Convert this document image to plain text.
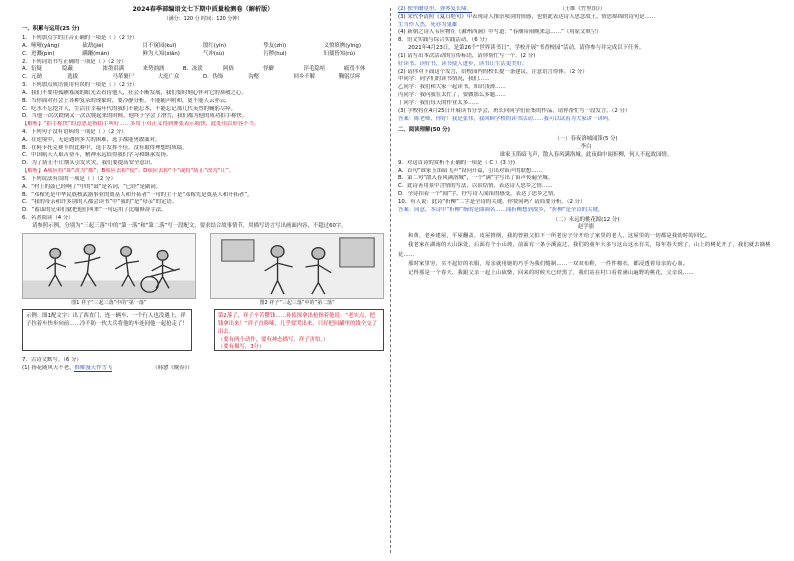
2024春季部编语文七下期中质量检测卷（解析版）
（满分：120 分 时间：120 分钟）
一、积累与运用(25 分)
1．下列加点字的注音正确的一项是（ ）（2 分）
A．哑哑(yǎng)	砍劫(jié)	目不窥园(kuī)	殷红(yīn)	挚友(zhì)	义愤填膺(yīng)
C．迸溅(pìn)	蹒跚(mán)	鲜为人知(xiǎn)	气冲(sù)	污秽(huì)	妇孺皆知(rú)
2．下列词语书写正确的一项是（ ）（2 分）
A．衍疑	隐蔽	浓墨泪满	来势汹汹	B．冻淡	阿俗	怪僻	淬毛隐喧	痛骂不休
C．元勋	选拔	马革裹尸	大庭广众	D．伪饰	沟壑	回乡不解	鞠躬尽瘁
3．下列加点成语使用有误的一项是（ ）（2 分）
A．我们不要用孤陋寡闻的眼光去看待他人，社会不断发展，我们要时刻心怀对它的恭敬之心。
B．当你面对社会上各种复杂的现象时，要冷静分析，不能随声附和，更不能人云亦云。
C．吃水不忘挖井人，生活在幸福年代的我们不能忘本，不能忘记那几代英烈的鞠躬尽瘁。
D．当他一次次跌倒又一次次爬起来的时候，他终于学会了滑雪，我们都为他的成功拍手称快。
【解析】“拍手称快”的意思是指拍手叫好……多用于对正义得到伸张表示痛快，此处用以形容不当。
4．下列句子没有语病的一项是（ ）（2 分）
A．在逆境中，无论遇到多大的困难，选手都能勇敢面对。
B．在阿卡托克赛卡的比赛中，选手发挥不佳，没有取得理想的成绩。
C．中国航天人艰苦奋斗，精神永远值得我们学习和继承发扬。
D．为了防止不让烟头引发火灾，我们要提高安全意识。
【解析】A项应将“却”改为“都”；B项应去掉“使”；D项应去掉“不”或将“防止”改为“让”。
5．下列说法有误的一项是（ ）（2 分）
A．“村上的鼓已经响了”中的“鼓”是名词，“已经”是副词。
B．“邓稼先是中华民族核武器事业的奠基人和开拓者”一句的主干是“邓稼先是奠基人和开拓者”。
C．“我的母亲和许多别的人都会读书”中“我的”是“母亲”的定语。
D．“蓄谋的兄弟们就把他们叫来”一句运用了比喻修辞手法。
6．名著阅读（4 分）
请参照示例，分别为“三起三落”中的“第一落”和“第二落”写一段配文，要求结合故事情节，用描写语言写出画面内容，不超过60字。
图1 祥子“三起三落”中的“第一落”	图2 祥子“三起三落”中的“第二落”
示例：图1配文字：出了西直门，连一辆车、一个行人也没遇上，祥子拉着车快步向前……冷不防一伙大兵将他的车连同他一起抢走了！
第2落了，祥子辛苦攒钱……孙侦探拿出枪指着他说：“老实点，把钱拿出来！”祥子直哆嗦，几乎要哭出来，只好把闷罐里的钱全交了出去。
（要有两个动作，要有神态描写，祥子害怕。）
（要有描写，3分）
7．古诗文默写。（6 分）
(1) 扬花随风天不老，惟解漫天作雪飞	（韩愈《晚春》）
(2) 独坐幽篁里，弹琴复长啸。	（王维《竹里馆》）
(3) 宋代李清照《夏日绝句》中表现诗人推崇项羽的情感，也借此表达诗人思念故土、情思绵绵的诗句是……
生当作人杰，死亦为鬼雄
(4) 新朝之诗人韦应物在《滁州西涧》中写道：“春潮带雨晚来急……”（用原文填空）
8．语文实践与综合实践活动。（6 分）
2021年4月23日，是第26个“世界读书日”，学校开展“书香校园”活动，请你参与并完成以下任务。
(1) 请写出本次活动的宣传标语，请你帮忙写一个。(2 分)
好读书，读好书，读书使人进步，读书让生活更美好。
(2) 请你对下面这个发言，给校园内的校长提一条建议，注意语言得体。（2 分）
甲同学：同学们的读书情况，我们……
乙同学：我们和大家一起读书，知识浅薄……
丙同学：我问我在太忙了，要做那么多题……
丁同学：我们每天的作业太多……
(3) 学校将在4月25日开展读书分享会，班长向同学们征集的作品，请你帮忙写一段发言。（2 分）
答案：陈老师，你好！我是张伟，我回顾学校的读书活动……我可以试着为大家讲一讲吗。
二、阅读理解(50 分)
（一）春夜洛城闻笛(5 分)
李白
谁家玉笛暗飞声，散入春风满洛城。此夜曲中闻折柳，何人不起故园情。
9．对这首诗的赏析不正确的一项是（ C ）(3 分)
A．首句“谁家玉笛暗飞声”设问开篇，引出对笛声的联想……
B．第二句“散入春风满洛城”，一个“满”字写出了笛声传遍全城。
C．此诗善用景中含情的写法，以景结情，表达诗人思乡之情……
D．全诗扣着一个“闻”字，抒写诗人闻笛的感受，表达了思乡之情。
10．有人说：此诗“折柳”二字是全诗的关键。你赞同吗？请简要分析。（2 分）
答案：同意，本诗中“折柳”指的是曲调名……闻折柳想到故乡，“折柳”是全诗的关键。
（二）永远的桃花源(12 分)
赵学旗
和黄，老乡建屋，平屋翻盖，皮屋推倒，我的曾祖父拍下一所老房子分开给了家里的老人，这屋里的一切都是我幼时的回忆。
我老家在湖南的大山深处，后面有个小山坡，前面有一条小溪流过，我们的童年大多与这山这水有关，每年春天到了，山上的桃花开了，我们就去摘桃花……
那时家里穷，买不起好的衣服，母亲就用她的巧手为我们缝制……一双双布鞋，一件件棉衣，都浸透着母亲的心血。
记得那是一个春天，我跟父亲一起上山砍柴，回来的时候天已经黑了，我们站在村口看着满山遍野的桃花，父亲说……
